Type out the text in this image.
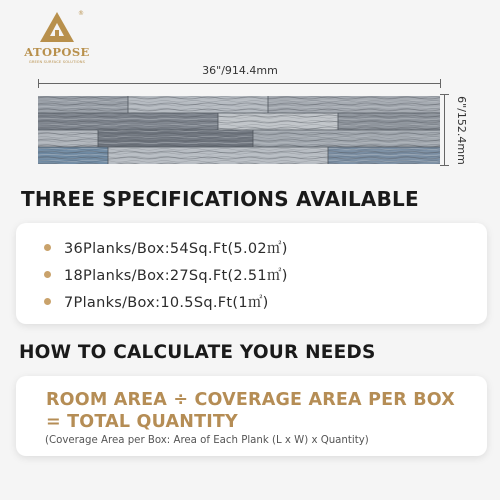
®
ATOPOSE
GREEN SURFACE SOLUTIONS
36"/914.4mm
6"/152.4mm
THREE SPECIFICATIONS AVAILABLE
36Planks/Box:54Sq.Ft(5.02㎡)
18Planks/Box:27Sq.Ft(2.51㎡)
7Planks/Box:10.5Sq.Ft(1㎡)
HOW TO CALCULATE YOUR NEEDS
ROOM AREA ÷ COVERAGE AREA PER BOX
= TOTAL QUANTITY
(Coverage Area per Box: Area of Each Plank (L x W) x Quantity)
